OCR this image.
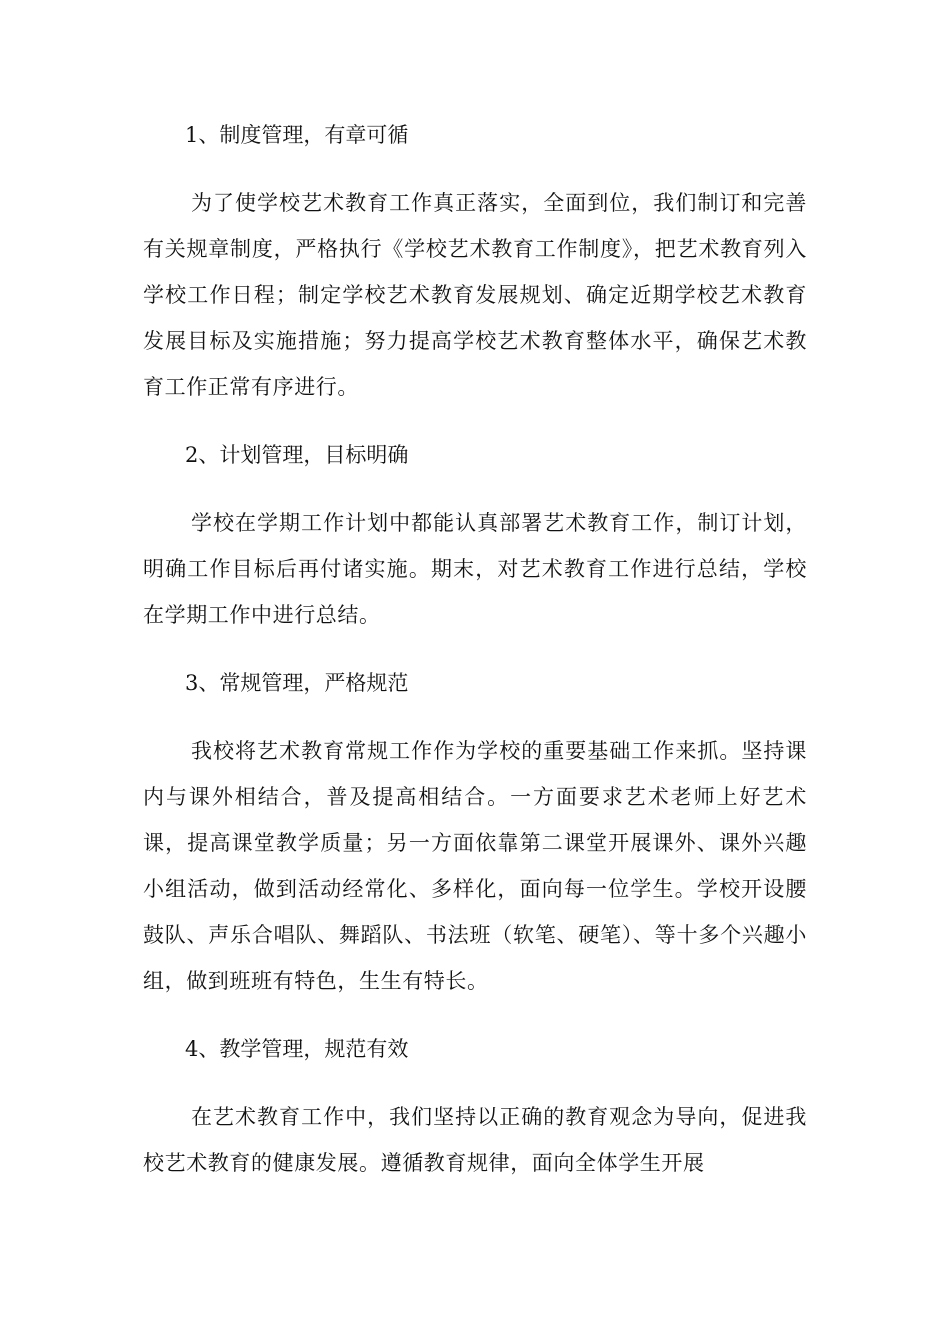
1、制度管理，有章可循
为了使学校艺术教育工作真正落实，全面到位，我们制订和完善有关规章制度，严格执行《学校艺术教育工作制度》，把艺术教育列入学校工作日程；制定学校艺术教育发展规划、确定近期学校艺术教育发展目标及实施措施；努力提高学校艺术教育整体水平，确保艺术教育工作正常有序进行。
2、计划管理，目标明确
学校在学期工作计划中都能认真部署艺术教育工作，制订计划，明确工作目标后再付诸实施。期末，对艺术教育工作进行总结，学校在学期工作中进行总结。
3、常规管理，严格规范
我校将艺术教育常规工作作为学校的重要基础工作来抓。坚持课内与课外相结合，普及提高相结合。一方面要求艺术老师上好艺术课，提高课堂教学质量；另一方面依靠第二课堂开展课外、课外兴趣小组活动，做到活动经常化、多样化，面向每一位学生。学校开设腰鼓队、声乐合唱队、舞蹈队、书法班（软笔、硬笔）、等十多个兴趣小组，做到班班有特色，生生有特长。
4、教学管理，规范有效
在艺术教育工作中，我们坚持以正确的教育观念为导向，促进我校艺术教育的健康发展。遵循教育规律，面向全体学生开展
